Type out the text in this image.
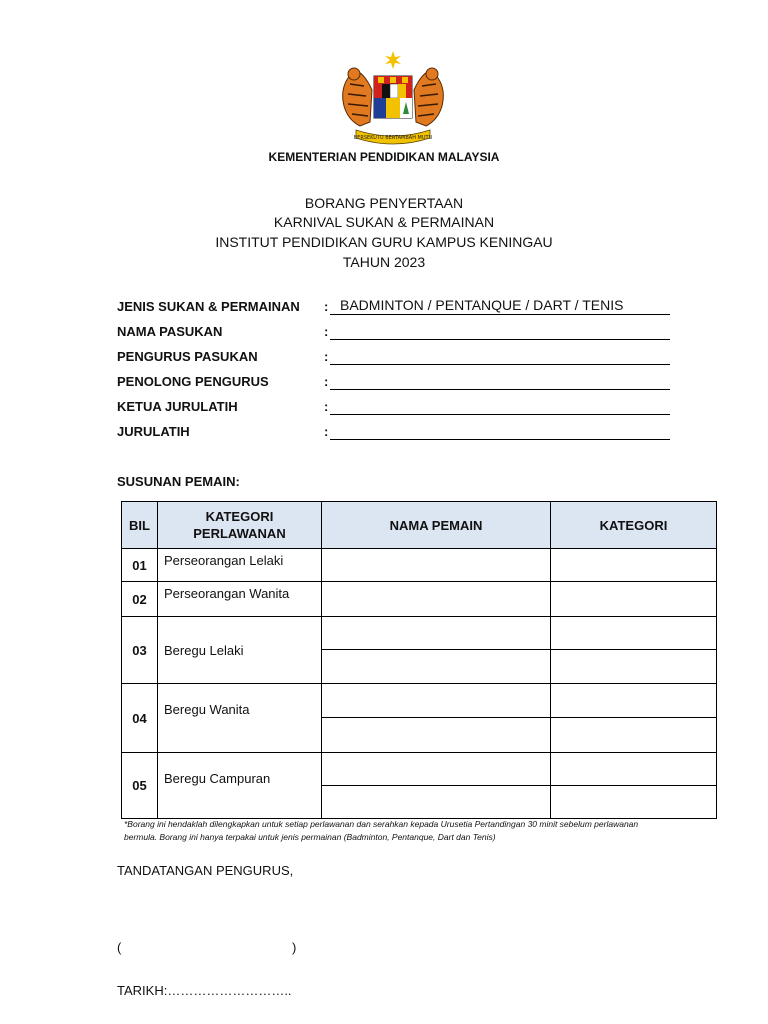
BERSEKUTU BERTAMBAH MUTU
KEMENTERIAN PENDIDIKAN MALAYSIA
BORANG PENYERTAAN
KARNIVAL SUKAN & PERMAINAN
INSTITUT PENDIDIKAN GURU KAMPUS KENINGAU
TAHUN 2023
JENIS SUKAN & PERMAINAN : BADMINTON / PENTANQUE / DART / TENIS
NAMA PASUKAN	:
PENGURUS PASUKAN	:
PENOLONG PENGURUS	:
KETUA JURULATIH	:
JURULATIH	:
SUSUNAN PEMAIN:
BIL	KATEGORI PERLAWANAN	NAMA PEMAIN	KATEGORI
01	Perseorangan Lelaki		

02	Perseorangan Wanita		

03	Beregu Lelaki		

04	Beregu Wanita		

05	Beregu Campuran		

*Borang ini hendaklah dilengkapkan untuk setiap perlawanan dan serahkan kepada Urusetia Pertandingan 30 minit sebelum perlawanan bermula. Borang ini hanya terpakai untuk jenis permainan (Badminton, Pentanque, Dart dan Tenis)
TANDATANGAN PENGURUS,
(	)
TARIKH:………………………..
